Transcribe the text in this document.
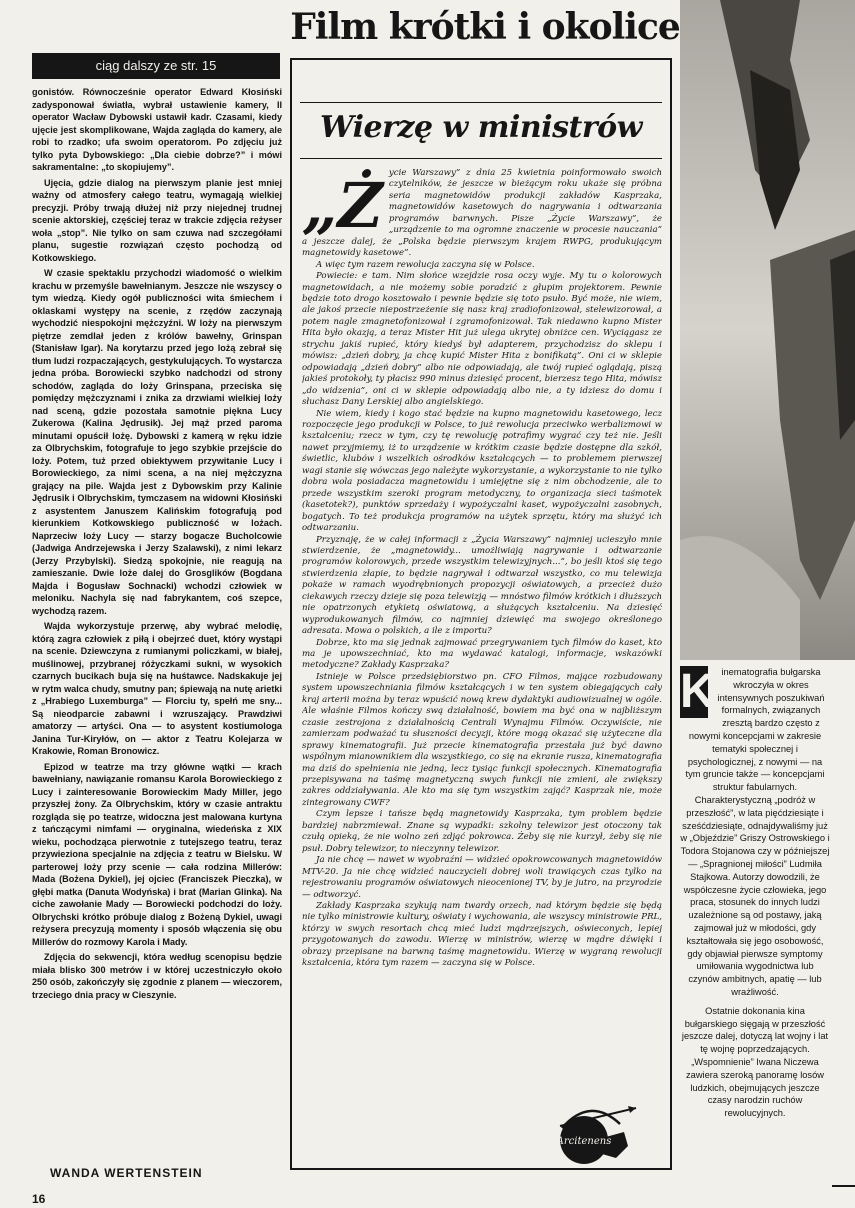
Film krótki i okolice
ciąg dalszy ze str. 15

gonistów. Równocześnie operator Edward Kłosiński zadysponował światła, wybrał ustawienie kamery, II operator Wacław Dybowski ustawił kadr. Czasami, kiedy ujęcie jest skomplikowane, Wajda zagląda do kamery, ale robi to rzadko; ufa swoim operatorom. Po zdjęciu już tylko pyta Dybowskiego: „Dla ciebie dobrze?” i mówi sakramentalne: „to skopiujemy”.

Ujęcia, gdzie dialog na pierwszym planie jest mniej ważny od atmosfery całego teatru, wymagają wielkiej precyzji. Próby trwają dłużej niż przy niejednej trudnej scenie aktorskiej, częściej teraz w trakcie zdjęcia reżyser woła „stop”. Nie tylko on sam czuwa nad szczegółami planu, sugestie rozwiązań często pochodzą od Kotkowskiego.

W czasie spektaklu przychodzi wiadomość o wielkim krachu w przemyśle bawełnianym. Jeszcze nie wszyscy o tym wiedzą. Kiedy ogół publiczności wita śmiechem i oklaskami występy na scenie, z rzędów zaczynają wychodzić niespokojni mężczyźni. W loży na pierwszym piętrze zemdlał jeden z królów bawełny, Grinspan (Stanisław Igar). Na korytarzu przed jego lożą zebrał się tłum ludzi rozpaczających, gestykulujących. To wystarcza jedna próba. Borowiecki szybko nadchodzi od strony schodów, zagląda do loży Grinspana, przeciska się pomiędzy mężczyznami i znika za drzwiami wielkiej loży nad sceną, gdzie pozostała samotnie piękna Lucy Zukerowa (Kalina Jędrusik). Jej mąż przed paroma minutami opuścił lożę. Dybowski z kamerą w ręku idzie za Olbrychskim, fotografuje to jego szybkie przejście do loży. Potem, tuż przed obiektywem przywitanie Lucy i Borowieckiego, za nimi scena, a na niej mężczyzna grający na pile. Wajda jest z Dybowskim przy Kalinie Jędrusik i Olbrychskim, tymczasem na widowni Kłosiński z asystentem Januszem Kalińskim fotografują pod kierunkiem Kotkowskiego publiczność w lożach. Naprzeciw loży Lucy — starzy bogacze Bucholcowie (Jadwiga Andrzejewska i Jerzy Szalawski), z nimi lekarz (Jerzy Przybylski). Siedzą spokojnie, nie reagują na zamieszanie. Dwie loże dalej do Grosglików (Bogdana Majda i Bogusław Sochnacki) wchodzi człowiek w meloniku. Nachyla się nad fabrykantem, coś szepce, wychodzą razem.

Wajda wykorzystuje przerwę, aby wybrać melodię, którą zagra człowiek z piłą i obejrzeć duet, który wystąpi na scenie. Dziewczyna z rumianymi policzkami, w białej, muślinowej, przybranej różyczkami sukni, w wysokich czarnych bucikach buja się na huśtawce. Nadskakuje jej w rytm walca chudy, smutny pan; śpiewają na nutę arietki z „Hrabiego Luxemburga” — Florciu ty, spełń me sny... Są nieodparcie zabawni i wzruszający. Prawdziwi amatorzy — artyści. Ona — to asystent kostiumologa Janina Tur-Kiryłów, on — aktor z Teatru Kolejarza w Krakowie, Roman Bronowicz.

Epizod w teatrze ma trzy główne wątki — krach bawełniany, nawiązanie romansu Karola Borowieckiego z Lucy i zainteresowanie Borowieckim Mady Miller, jego przyszłej żony. Za Olbrychskim, który w czasie antraktu rozgląda się po teatrze, widoczna jest malowana kurtyna z tańczącymi nimfami — oryginalna, wiedeńska z XIX wieku, pochodząca pierwotnie z tutejszego teatru, teraz przywieziona specjalnie na zdjęcia z teatru w Bielsku. W parterowej loży przy scenie — cała rodzina Millerów: Mada (Bożena Dykiel), jej ojciec (Franciszek Pieczka), w głębi matka (Danuta Wodyńska) i brat (Marian Glinka). Na ciche zawołanie Mady — Borowiecki podchodzi do loży. Olbrychski krótko próbuje dialog z Bożeną Dykiel, uwagi reżysera precyzują momenty i sposób włączenia się obu Millerów do rozmowy Karola i Mady.

Zdjęcia do sekwencji, która według scenopisu będzie miała blisko 300 metrów i w której uczestniczyło około 250 osób, zakończyły się zgodnie z planem — wieczorem, trzeciego dnia pracy w Cieszynie.

WANDA WERTENSTEIN
16
Wierzę w ministrów

„Życie Warszawy” z dnia 25 kwietnia poinformowało swoich czytelników, że jeszcze w bieżącym roku ukaże się próbna seria magnetowidów produkcji zakładów Kasprzaka, magnetowidów kasetowych do nagrywania i odtwarzania programów barwnych. Pisze „Życie Warszawy”, że „urządzenie to ma ogromne znaczenie w procesie nauczania” a jeszcze dalej, że „Polska będzie pierwszym krajem RWPG, produkującym magnetowidy kasetowe”.

A więc tym razem rewolucja zaczyna się w Polsce.

Powiecie: e tam. Nim słońce wzejdzie rosa oczy wyje. My tu o kolorowych magnetowidach, a nie możemy sobie poradzić z głupim projektorem. Pewnie będzie toto drogo kosztowało i pewnie będzie się toto psuło. Być może, nie wiem, ale jakoś przecie niepostrzeżenie się nasz kraj zradiofonizował, stelewizorował, a potem nagle zmagnetofonizował i zgramofonizował. Tak niedawno kupno Mister Hita było okazją, a teraz Mister Hit już ulega ukrytej obniżce cen. Wyciągasz ze strychu jakiś rupieć, który kiedyś był adapterem, przychodzisz do sklepu i mówisz: „dzień dobry, ja chcę kupić Mister Hita z bonifikatą”. Oni ci w sklepie odpowiadają „dzień dobry” albo nie odpowiadają, ale twój rupieć oglądają, piszą jakieś protokoły, ty płacisz 990 minus dziesięć procent, bierzesz tego Hita, mówisz „do widzenia”, oni ci w sklepie odpowiadają albo nie, a ty idziesz do domu i słuchasz Dany Lerskiej albo angielskiego.

Nie wiem, kiedy i kogo stać będzie na kupno magnetowidu kasetowego, lecz rozpoczęcie jego produkcji w Polsce, to już rewolucja przeciwko werbalizmowi w kształceniu; rzecz w tym, czy tę rewolucję potrafimy wygrać czy też nie. Jeśli nawet przyjmiemy, iż to urządzenie w krótkim czasie będzie dostępne dla szkół, świetlic, klubów i wszelkich ośrodków kształcących — to problemem pierwszej wagi stanie się wówczas jego należyte wykorzystanie, a wykorzystanie to nie tylko dobra wola posiadacza magnetowidu i umiejętne się z nim obchodzenie, ale to przede wszystkim szeroki program metodyczny, to organizacja sieci taśmotek (kasetotek?), punktów sprzedaży i wypożyczalni kaset, wypożyczalni zasobnych, bogatych. To też produkcja programów na użytek sprzętu, który ma służyć ich odtwarzaniu.

Przyznaję, że w całej informacji z „Życia Warszawy” najmniej ucieszyło mnie stwierdzenie, że „magnetowidy... umożliwiają nagrywanie i odtwarzanie programów kolorowych, przede wszystkim telewizyjnych...”, bo jeśli ktoś się tego stwierdzenia złapie, to będzie nagrywał i odtwarzał wszystko, co mu telewizja pokaże w ramach wyodrębnionych propozycji oświatowych, a przecież dużo ciekawych rzeczy dzieje się poza telewizją — mnóstwo filmów krótkich i dłuższych nie opatrzonych etykietą oświatową, a służących kształceniu. Na dziesięć wyprodukowanych filmów, co najmniej dziewięć ma swojego określonego adresata. Mowa o polskich, a ile z importu?

Dobrze, kto ma się jednak zajmować przegrywaniem tych filmów do kaset, kto ma je upowszechniać, kto ma wydawać katalogi, informacje, wskazówki metodyczne? Zakłady Kasprzaka?

Istnieje w Polsce przedsiębiorstwo pn. CFO Filmos, mające rozbudowany system upowszechniania filmów kształcących i w ten system obiegających cały kraj arterii można by teraz wpuścić nową krew dydaktyki audiowizualnej w ogóle. Ale właśnie Filmos kończy swą działalność, bowiem ma być ona w najbliższym czasie zestrojona z działalnością Centrali Wynajmu Filmów. Oczywiście, nie zamierzam podważać tu słuszności decyzji, które mogą okazać się użyteczne dla sprawy kinematografii. Już przecie kinematografia przestała już być dawno wspólnym mianownikiem dla wszystkiego, co się na ekranie rusza, kinematografia ma dziś do spełnienia nie jedną, lecz tysiąc funkcji społecznych. Kinematografia przepisywana na taśmę magnetyczną swych funkcji nie zmieni, ale zwiększy zakres oddziaływania. Ale kto ma się tym wszystkim zająć? Kasprzak nie, może zintegrowany CWF?

Czym lepsze i tańsze będą magnetowidy Kasprzaka, tym problem będzie bardziej nabrzmiewał. Znane są wypadki: szkolny telewizor jest otoczony tak czułą opieką, że nie wolno zeń zdjąć pokrowca. Żeby się nie kurzył, żeby się nie psuł. Dobry telewizor, to nieczynny telewizor.

Ja nie chcę — nawet w wyobraźni — widzieć opokrowcowanych magnetowidów MTV-20. Ja nie chcę widzieć nauczycieli dobrej woli trawiących czas tylko na rejestrowaniu programów oświatowych nieocenionej TV, by je jutro, na przyrodzie — odtworzyć.

Zakłady Kasprzaka szykują nam twardy orzech, nad którym będzie się będą nie tylko ministrowie kultury, oświaty i wychowania, ale wszyscy ministrowie PRL, którzy w swych resortach chcą mieć ludzi mądrzejszych, oświeconych, lepiej przygotowanych do zawodu. Wierzę w ministrów, wierzę w mądre dźwięki i obrazy przepisane na barwną taśmę magnetowidu. Wierzę w wygraną rewolucji kształcenia, która tym razem — zaczyna się w Polsce.

Arcitenens

K inematografia bułgarska wkroczyła w okres intensywnych poszukiwań formalnych, związanych zresztą bardzo często z nowymi koncepcjami w zakresie tematyki społecznej i psychologicznej, z nowymi — na tym gruncie także — koncepcjami struktur fabularnych. Charakterystyczną „podróż w przeszłość”, w lata pięćdziesiąte i sześćdziesiąte, odnajdywaliśmy już w „Objeździe” Griszy Ostrowskiego i Todora Stojanowa czy w późniejszej — „Spragnionej miłości” Ludmiła Stajkowa. Autorzy dowodzili, że współczesne życie człowieka, jego praca, stosunek do innych ludzi uzależnione są od postawy, jaką zajmował już w młodości, gdy kształtowała się jego osobowość, gdy objawiał pierwsze symptomy umiłowania wygodnictwa lub czynów ambitnych, apatię — lub wrażliwość.

Ostatnie dokonania kina bułgarskiego sięgają w przeszłość jeszcze dalej, dotyczą lat wojny i lat tę wojnę poprzedzających. „Wspomnienie” Iwana Niczewa zawiera szeroką panoramę losów ludzkich, obejmujących jeszcze czasy narodzin ruchów rewolucyjnych.
